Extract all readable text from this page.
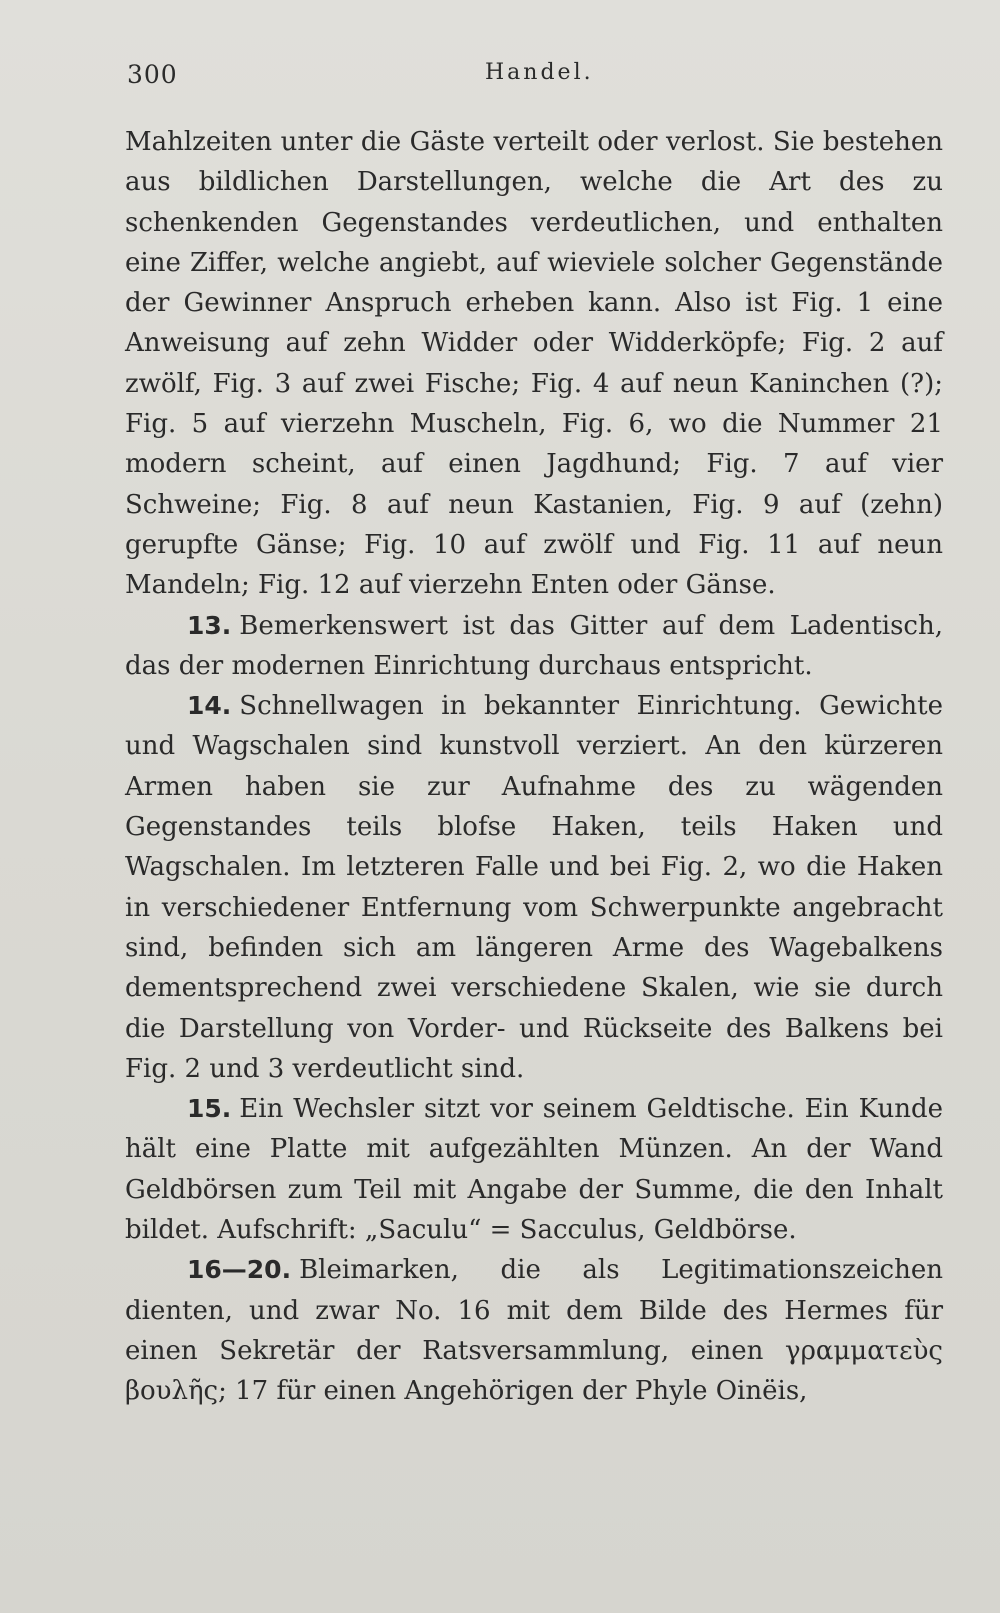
300	Handel.

Mahlzeiten unter die Gäste verteilt oder verlost. Sie bestehen aus bildlichen Darstellungen, welche die Art des zu schenkenden Gegenstandes verdeutlichen, und enthalten eine Ziffer, welche angiebt, auf wieviele solcher Gegenstände der Gewinner Anspruch erheben kann. Also ist Fig. 1 eine Anweisung auf zehn Widder oder Widderköpfe; Fig. 2 auf zwölf, Fig. 3 auf zwei Fische; Fig. 4 auf neun Kaninchen (?); Fig. 5 auf vierzehn Muscheln, Fig. 6, wo die Nummer 21 modern scheint, auf einen Jagdhund; Fig. 7 auf vier Schweine; Fig. 8 auf neun Kastanien, Fig. 9 auf (zehn) gerupfte Gänse; Fig. 10 auf zwölf und Fig. 11 auf neun Mandeln; Fig. 12 auf vierzehn Enten oder Gänse.

13. Bemerkenswert ist das Gitter auf dem Ladentisch, das der modernen Einrichtung durchaus entspricht.

14. Schnellwagen in bekannter Einrichtung. Gewichte und Wagschalen sind kunstvoll verziert. An den kürzeren Armen haben sie zur Aufnahme des zu wägenden Gegenstandes teils blofse Haken, teils Haken und Wagschalen. Im letzteren Falle und bei Fig. 2, wo die Haken in verschiedener Entfernung vom Schwerpunkte angebracht sind, befinden sich am längeren Arme des Wagebalkens dementsprechend zwei verschiedene Skalen, wie sie durch die Darstellung von Vorder- und Rückseite des Balkens bei Fig. 2 und 3 verdeutlicht sind.

15. Ein Wechsler sitzt vor seinem Geldtische. Ein Kunde hält eine Platte mit aufgezählten Münzen. An der Wand Geldbörsen zum Teil mit Angabe der Summe, die den Inhalt bildet. Aufschrift: „Saculu“ = Sacculus, Geldbörse.

16—20. Bleimarken, die als Legitimationszeichen dienten, und zwar No. 16 mit dem Bilde des Hermes für einen Sekretär der Ratsversammlung, einen γραμματεὺς βουλῆς; 17 für einen Angehörigen der Phyle Oinëis,
